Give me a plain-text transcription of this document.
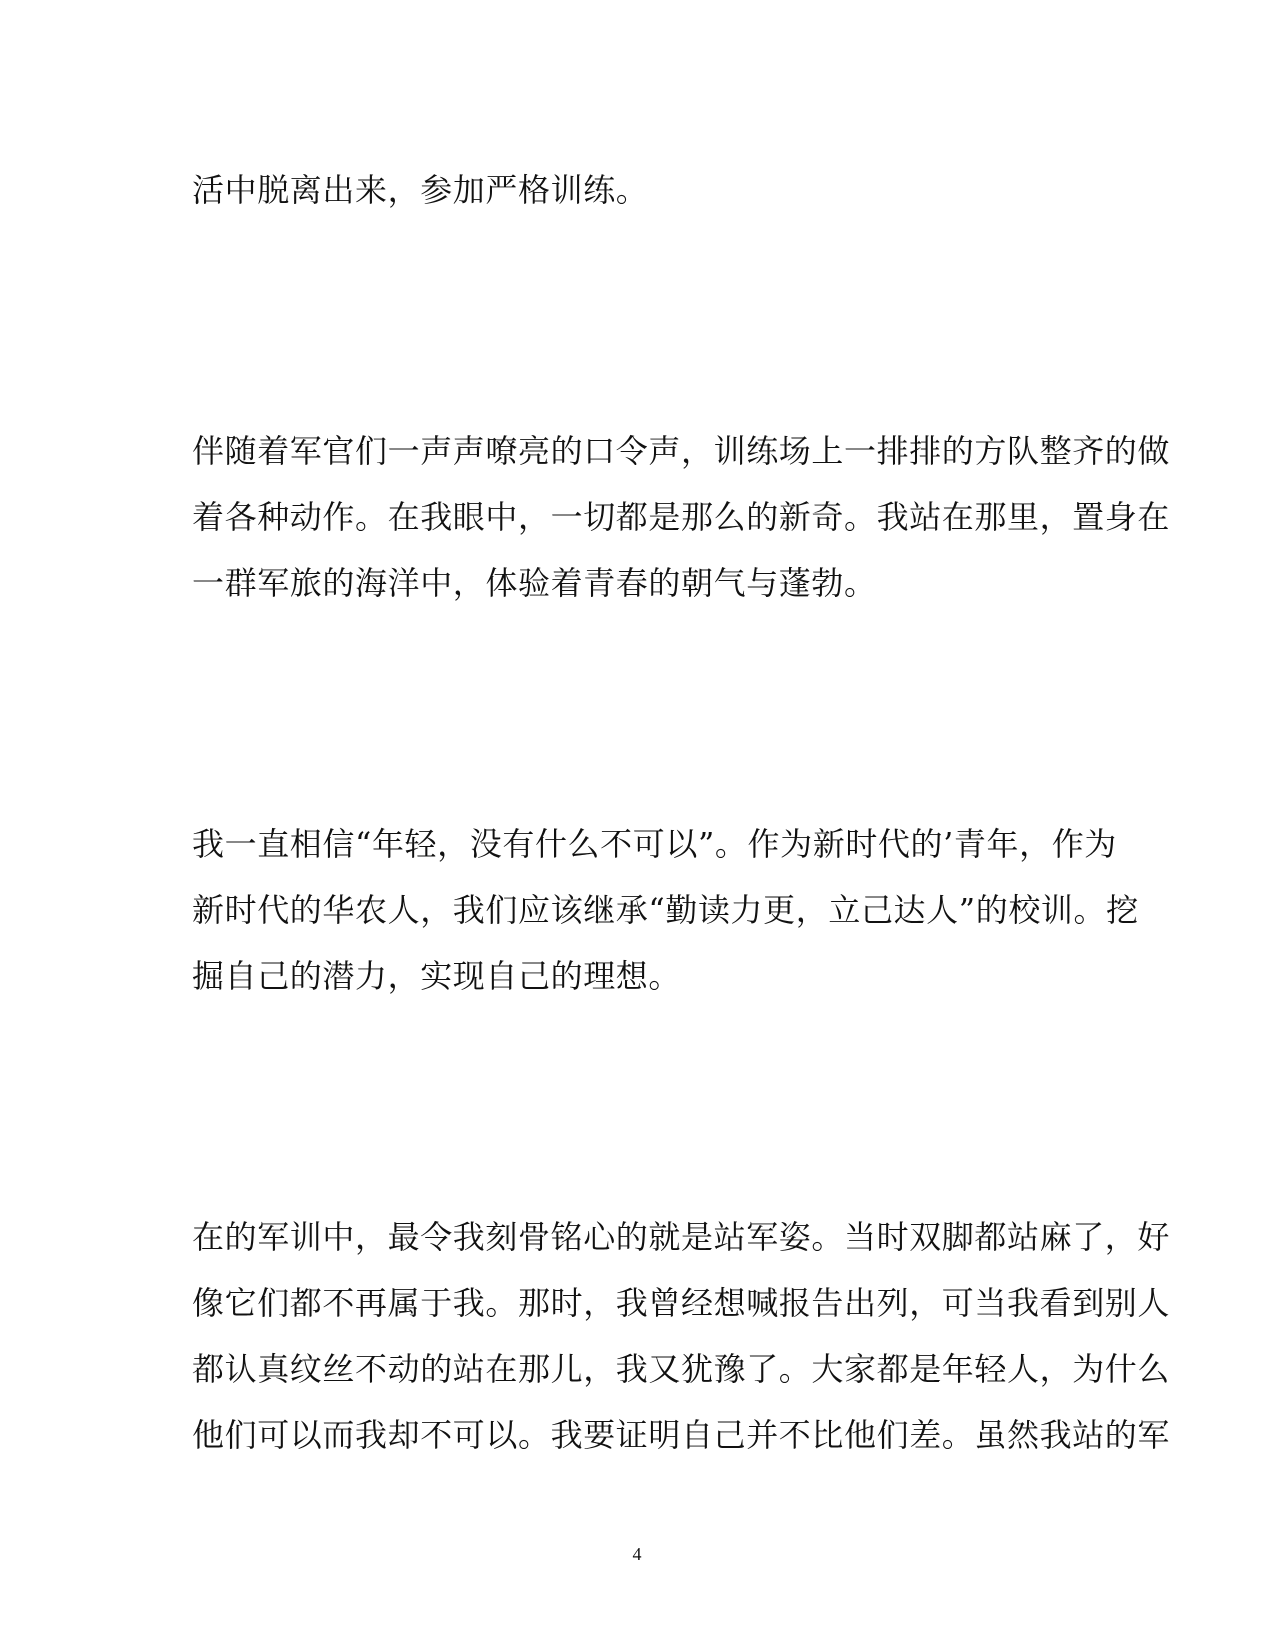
活中脱离出来，参加严格训练。
伴随着军官们一声声嘹亮的口令声，训练场上一排排的方队整齐的做
着各种动作。在我眼中，一切都是那么的新奇。我站在那里，置身在
一群军旅的海洋中，体验着青春的朝气与蓬勃。
我一直相信“年轻，没有什么不可以”。作为新时代的’青年，作为
新时代的华农人，我们应该继承“勤读力更，立己达人”的校训。挖
掘自己的潜力，实现自己的理想。
在的军训中，最令我刻骨铭心的就是站军姿。当时双脚都站麻了，好
像它们都不再属于我。那时，我曾经想喊报告出列，可当我看到别人
都认真纹丝不动的站在那儿，我又犹豫了。大家都是年轻人，为什么
他们可以而我却不可以。我要证明自己并不比他们差。虽然我站的军
4
